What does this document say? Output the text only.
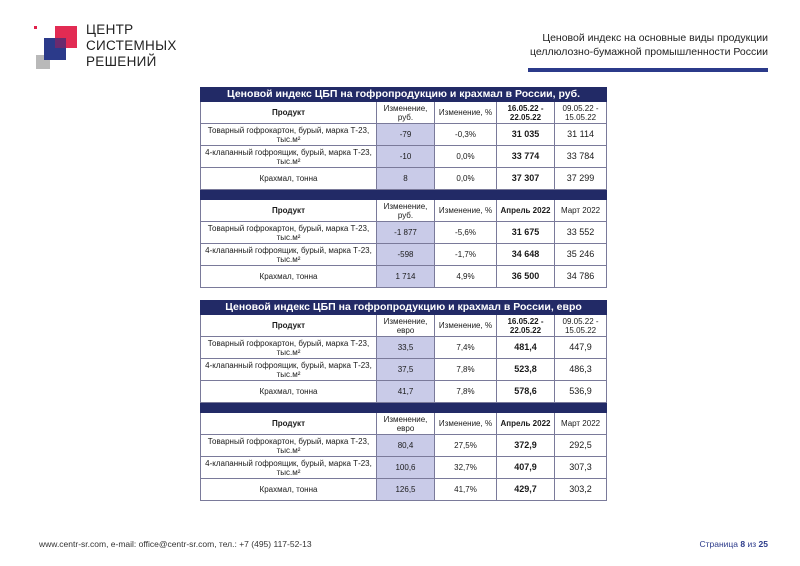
ЦЕНТР
СИСТЕМНЫХ
РЕШЕНИЙ
Ценовой индекс на основные виды продукции
целлюлозно-бумажной промышленности России
Ценовой индекс ЦБП на гофропродукцию и крахмал в России, руб.				
Продукт	Изменение, руб.	Изменение, %	16.05.22 - 22.05.22	09.05.22 - 15.05.22
Товарный гофрокартон, бурый, марка Т-23, тыс.м²	-79	-0,3%	31 035	31 114
4-клапанный гофроящик, бурый, марка Т-23, тыс.м²	-10	0,0%	33 774	33 784
Крахмал, тонна	8	0,0%	37 307	37 299

Продукт	Изменение, руб.	Изменение, %	Апрель 2022	Март 2022
Товарный гофрокартон, бурый, марка Т-23, тыс.м²	-1 877	-5,6%	31 675	33 552
4-клапанный гофроящик, бурый, марка Т-23, тыс.м²	-598	-1,7%	34 648	35 246
Крахмал, тонна	1 714	4,9%	36 500	34 786
Ценовой индекс ЦБП на гофропродукцию и крахмал в России, евро				
Продукт	Изменение, евро	Изменение, %	16.05.22 - 22.05.22	09.05.22 - 15.05.22
Товарный гофрокартон, бурый, марка Т-23, тыс.м²	33,5	7,4%	481,4	447,9
4-клапанный гофроящик, бурый, марка Т-23, тыс.м²	37,5	7,8%	523,8	486,3
Крахмал, тонна	41,7	7,8%	578,6	536,9

Продукт	Изменение, евро	Изменение, %	Апрель 2022	Март 2022
Товарный гофрокартон, бурый, марка Т-23, тыс.м²	80,4	27,5%	372,9	292,5
4-клапанный гофроящик, бурый, марка Т-23, тыс.м²	100,6	32,7%	407,9	307,3
Крахмал, тонна	126,5	41,7%	429,7	303,2
www.centr-sr.com, e-mail: office@centr-sr.com, тел.: +7 (495) 117-52-13	Страница 8 из 25
